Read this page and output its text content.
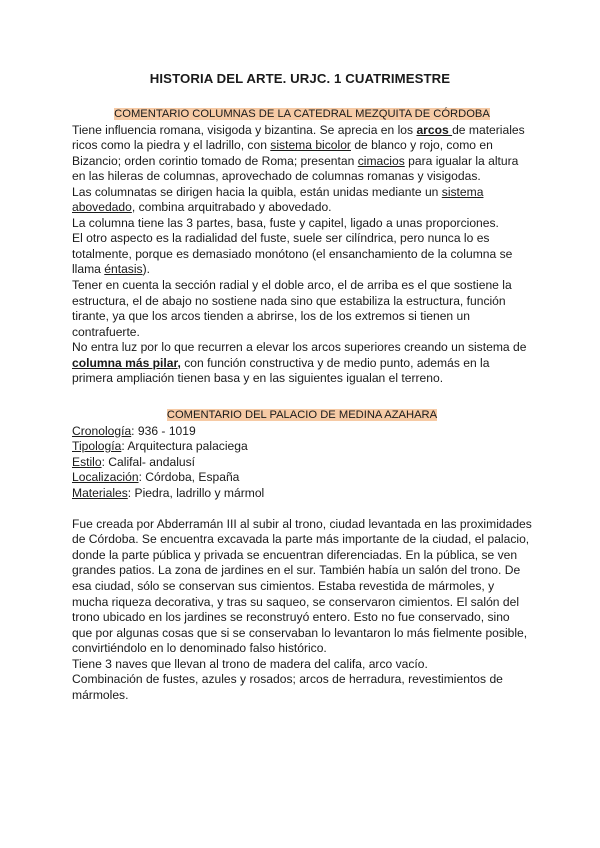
HISTORIA DEL ARTE. URJC. 1 CUATRIMESTRE
COMENTARIO COLUMNAS DE LA CATEDRAL MEZQUITA DE CÓRDOBA

Tiene influencia romana, visigoda y bizantina. Se aprecia en los arcos de materiales ricos como la piedra y el ladrillo, con sistema bicolor de blanco y rojo, como en Bizancio; orden corintio tomado de Roma; presentan cimacios para igualar la altura en las hileras de columnas, aprovechado de columnas romanas y visigodas.

Las columnatas se dirigen hacia la quibla, están unidas mediante un sistema abovedado, combina arquitrabado y abovedado.

La columna tiene las 3 partes, basa, fuste y capitel, ligado a unas proporciones.

El otro aspecto es la radialidad del fuste, suele ser cilíndrica, pero nunca lo es totalmente, porque es demasiado monótono (el ensanchamiento de la columna se llama éntasis).

Tener en cuenta la sección radial y el doble arco, el de arriba es el que sostiene la estructura, el de abajo no sostiene nada sino que estabiliza la estructura, función tirante, ya que los arcos tienden a abrirse, los de los extremos si tienen un contrafuerte.

No entra luz por lo que recurren a elevar los arcos superiores creando un sistema de columna más pilar, con función constructiva y de medio punto, además en la primera ampliación tienen basa y en las siguientes igualan el terreno.

COMENTARIO DEL PALACIO DE MEDINA AZAHARA
Cronología: 936 - 1019
Tipología: Arquitectura palaciega
Estilo: Califal- andalusí
Localización: Córdoba, España
Materiales: Piedra, ladrillo y mármol

Fue creada por Abderramán III al subir al trono, ciudad levantada en las proximidades de Córdoba. Se encuentra excavada la parte más importante de la ciudad, el palacio, donde la parte pública y privada se encuentran diferenciadas. En la pública, se ven grandes patios. La zona de jardines en el sur. También había un salón del trono. De esa ciudad, sólo se conservan sus cimientos. Estaba revestida de mármoles, y mucha riqueza decorativa, y tras su saqueo, se conservaron cimientos. El salón del trono ubicado en los jardines se reconstruyó entero. Esto no fue conservado, sino que por algunas cosas que si se conservaban lo levantaron lo más fielmente posible, convirtiéndolo en lo denominado falso histórico.

Tiene 3 naves que llevan al trono de madera del califa, arco vacío.

Combinación de fustes, azules y rosados; arcos de herradura, revestimientos de mármoles.
